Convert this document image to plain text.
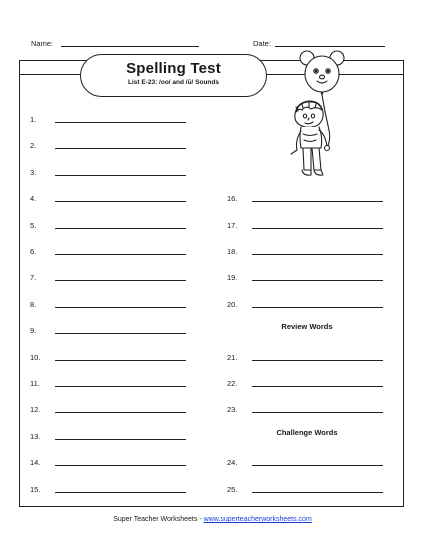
Name:	Date:
Spelling Test
List E-23: /oo/ and /ū/ Sounds
1.
2.
3.
4.
5.
6.
7.
8.
9.
10.
11.
12.
13.
14.
15.
16.
17.
18.
19.
20.
21.
22.
23.
24.
25.
Review Words
Challenge Words
Super Teacher Worksheets - www.superteacherworksheets.com
